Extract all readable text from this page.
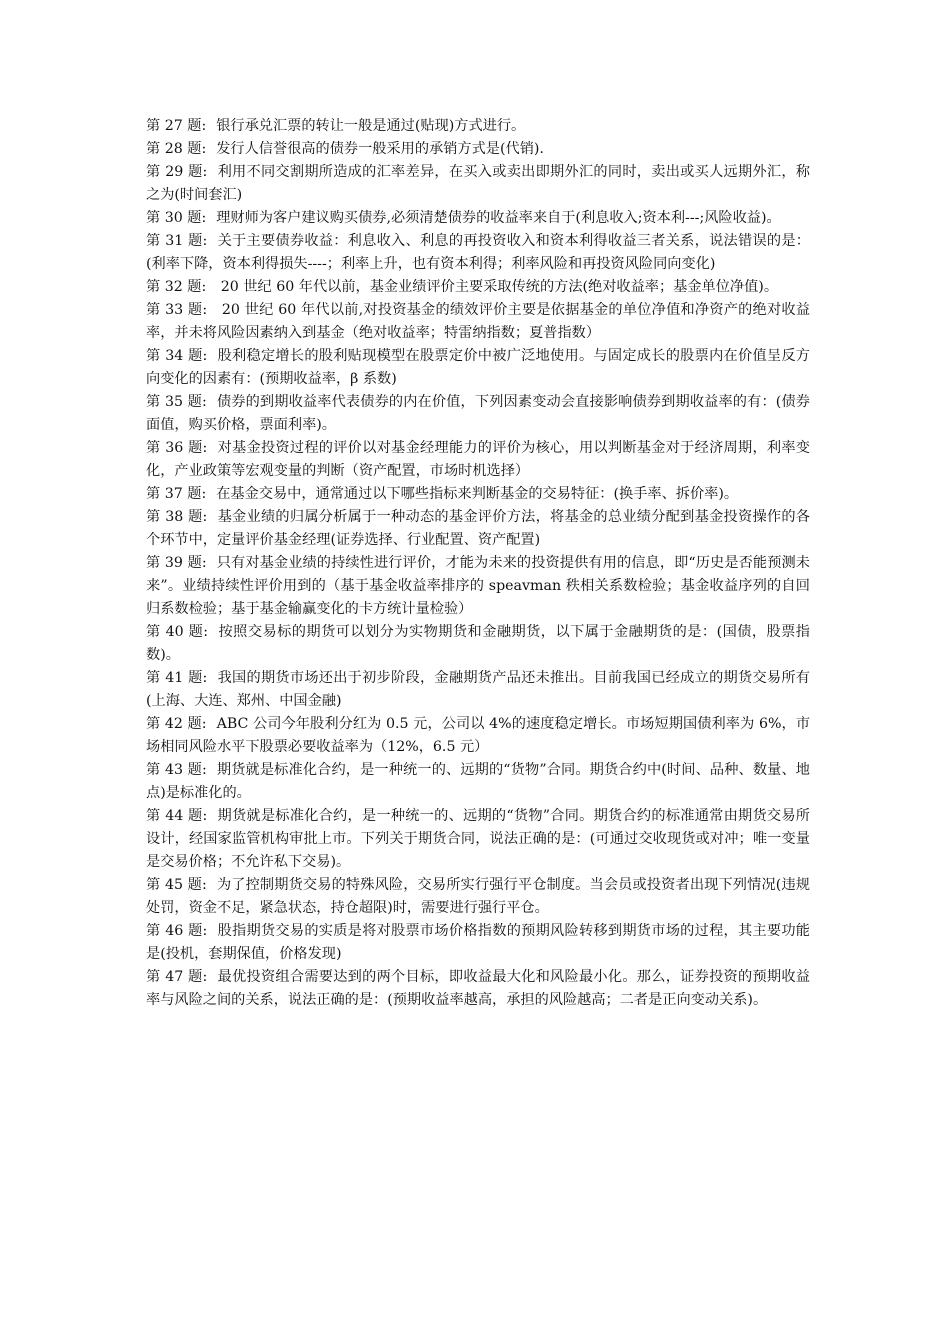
第 27 题: 银行承兑汇票的转让一般是通过(贴现)方式进行。

第 28 题: 发行人信誉很高的债券一般采用的承销方式是(代销).

第 29 题: 利用不同交割期所造成的汇率差异，在买入或卖出即期外汇的同时，卖出或买人远期外汇，称之为(时间套汇)

第 30 题: 理财师为客户建议购买债券,必须清楚债券的收益率来自于(利息收入;资本利---;风险收益)。

第 31 题: 关于主要债券收益：利息收入、利息的再投资收入和资本利得收益三者关系，说法错误的是：(利率下降，资本利得损失----；利率上升，也有资本利得；利率风险和再投资风险同向变化)

第 32 题: 20 世纪 60 年代以前，基金业绩评价主要采取传统的方法(绝对收益率；基金单位净值)。

第 33 题: 20 世纪 60 年代以前,对投资基金的绩效评价主要是依据基金的单位净值和净资产的绝对收益率，并未将风险因素纳入到基金（绝对收益率；特雷纳指数；夏普指数）

第 34 题: 股利稳定增长的股利贴现模型在股票定价中被广泛地使用。与固定成长的股票内在价值呈反方向变化的因素有：(预期收益率，β 系数)

第 35 题: 债券的到期收益率代表债券的内在价值，下列因素变动会直接影响债券到期收益率的有：(债券面值，购买价格，票面利率)。

第 36 题: 对基金投资过程的评价以对基金经理能力的评价为核心，用以判断基金对于经济周期，利率变化，产业政策等宏观变量的判断（资产配置，市场时机选择）

第 37 题: 在基金交易中，通常通过以下哪些指标来判断基金的交易特征：(换手率、拆价率)。

第 38 题: 基金业绩的归属分析属于一种动态的基金评价方法，将基金的总业绩分配到基金投资操作的各个环节中，定量评价基金经理(证券选择、行业配置、资产配置)

第 39 题: 只有对基金业绩的持续性进行评价，才能为未来的投资提供有用的信息，即“历史是否能预测未来”。业绩持续性评价用到的（基于基金收益率排序的 speavman 秩相关系数检验；基金收益序列的自回归系数检验；基于基金输赢变化的卡方统计量检验）

第 40 题: 按照交易标的期货可以划分为实物期货和金融期货，以下属于金融期货的是：(国债，股票指数)。

第 41 题: 我国的期货市场还出于初步阶段，金融期货产品还未推出。目前我国已经成立的期货交易所有(上海、大连、郑州、中国金融)

第 42 题: ABC 公司今年股利分红为 0.5 元，公司以 4%的速度稳定增长。市场短期国债利率为 6%，市场相同风险水平下股票必要收益率为（12%，6.5 元）

第 43 题: 期货就是标准化合约，是一种统一的、远期的“货物”合同。期货合约中(时间、品种、数量、地点)是标准化的。

第 44 题: 期货就是标准化合约，是一种统一的、远期的“货物”合同。期货合约的标准通常由期货交易所设计，经国家监管机构审批上市。下列关于期货合同，说法正确的是：(可通过交收现货或对冲；唯一变量是交易价格；不允许私下交易)。

第 45 题: 为了控制期货交易的特殊风险，交易所实行强行平仓制度。当会员或投资者出现下列情况(违规处罚，资金不足，紧急状态，持仓超限)时，需要进行强行平仓。

第 46 题: 股指期货交易的实质是将对股票市场价格指数的预期风险转移到期货市场的过程，其主要功能是(投机，套期保值，价格发现)

第 47 题: 最优投资组合需要达到的两个目标，即收益最大化和风险最小化。那么，证券投资的预期收益率与风险之间的关系，说法正确的是：(预期收益率越高，承担的风险越高；二者是正向变动关系)。
